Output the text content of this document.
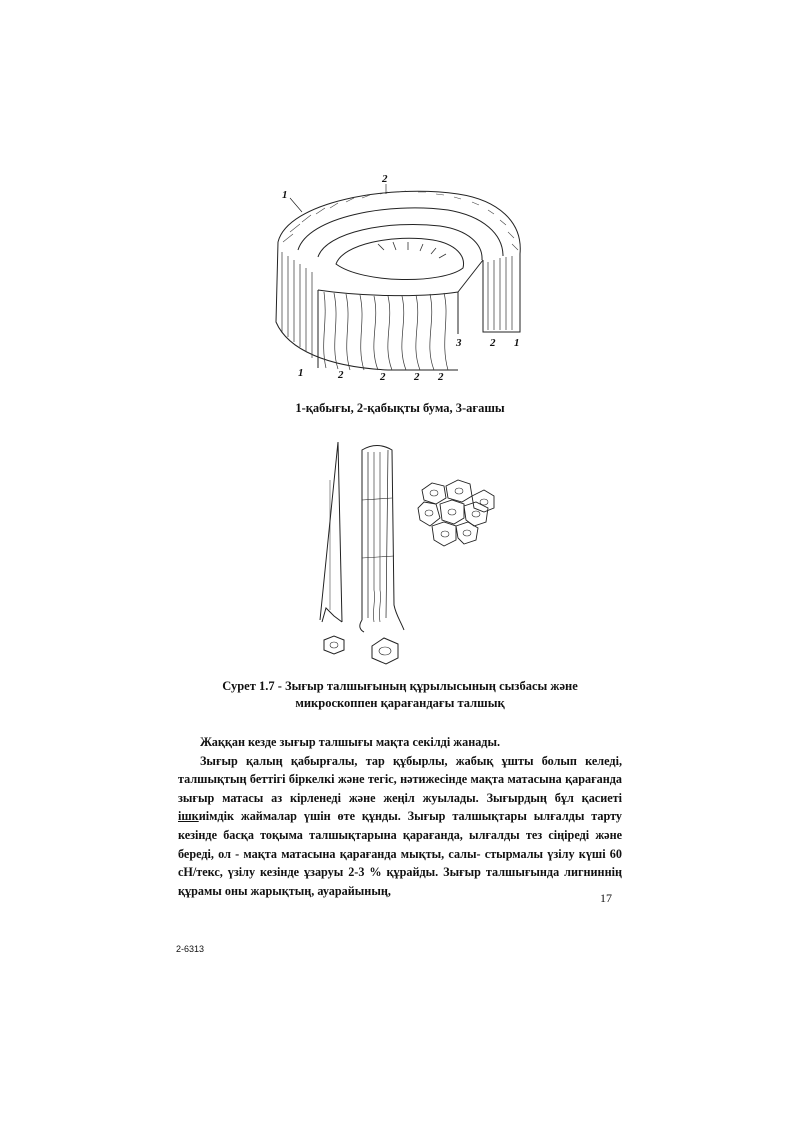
1
2
3	2 1
1	2	2	2 2
1-қабығы, 2-қабықты бума, 3-ағашы
Сурет 1.7 - Зығыр талшығының құрылысының сызбасы және
микроскоппен қарағандағы талшық

Жаққан кезде зығыр талшығы мақта секілді жанады.

Зығыр қалың қабырғалы, тар құбырлы, жабық ұшты болып келеді, талшықтың беттігі біркелкі және тегіс, нәтижесінде мақта матасына қарағанда зығыр матасы аз кірленеді және жеңіл жуылады. Зығырдың бұл қасиеті ішкиімдік жаймалар үшін өте құнды. Зығыр талшықтары ылғалды тарту кезінде басқа тоқыма талшықтарына қарағанда, ылғалды тез сіңіреді және береді, ол - мақта матасына қарағанда мықты, салы- стырмалы үзілу күші 60 сН/текс, үзілу кезінде ұзаруы 2-3 % құрайды. Зығыр талшығында лигниннің құрамы оны жарықтың, ауарайының,

17
2-6313
